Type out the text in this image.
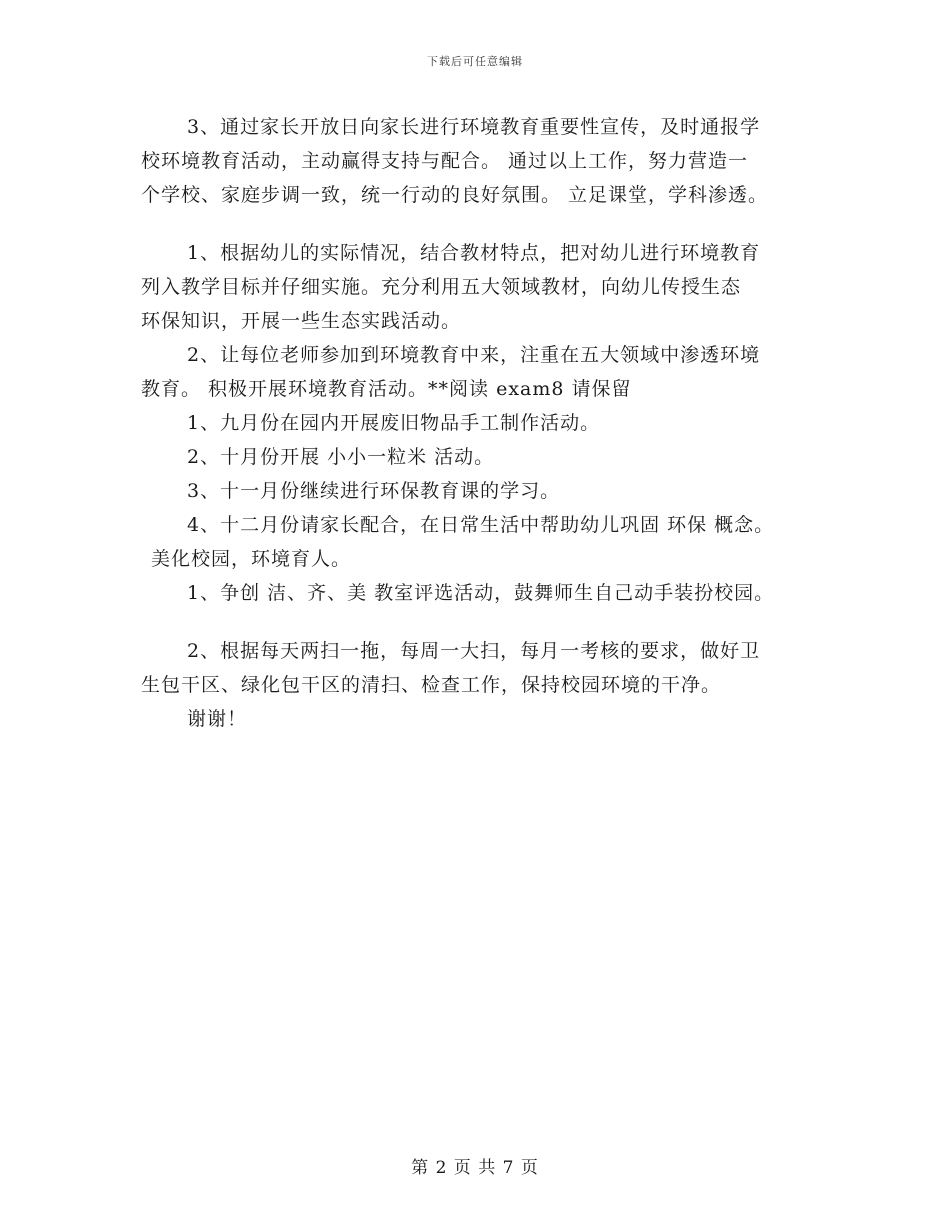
下载后可任意编辑
3、通过家长开放日向家长进行环境教育重要性宣传，及时通报学
校环境教育活动，主动赢得支持与配合。 通过以上工作，努力营造一
个学校、家庭步调一致，统一行动的良好氛围。 立足课堂，学科渗透。
1、根据幼儿的实际情况，结合教材特点，把对幼儿进行环境教育
列入教学目标并仔细实施。充分利用五大领域教材，向幼儿传授生态
环保知识，开展一些生态实践活动。
2、让每位老师参加到环境教育中来，注重在五大领域中渗透环境
教育。 积极开展环境教育活动。**阅读 exam8 请保留
1、九月份在园内开展废旧物品手工制作活动。
2、十月份开展 小小一粒米 活动。
3、十一月份继续进行环保教育课的学习。
4、十二月份请家长配合，在日常生活中帮助幼儿巩固 环保 概念。
美化校园，环境育人。
1、争创 洁、齐、美 教室评选活动，鼓舞师生自己动手装扮校园。
2、根据每天两扫一拖，每周一大扫，每月一考核的要求，做好卫
生包干区、绿化包干区的清扫、检查工作，保持校园环境的干净。
谢谢！
第 2 页 共 7 页
